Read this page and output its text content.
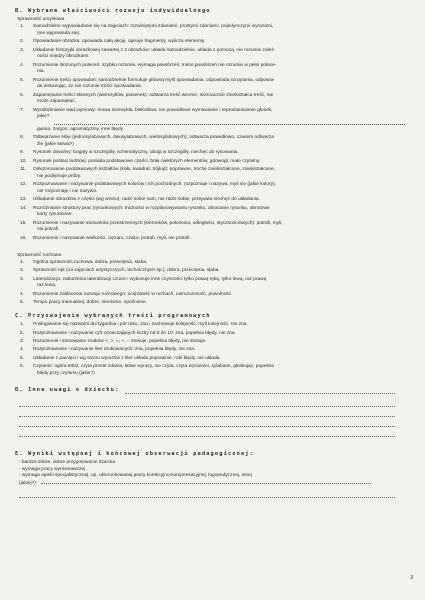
B. Wybrane właściwości rozwoju indywidualnego
Sprawność umysłowa
1.	Samodzielne wypowiadanie się na zajęciach: rozwiniętymi zdaniami, prostymi zdaniami, pojedynczymi wyrazami,
(nie wypowiada się).
2.	Opowiadanie obrazka: opowiada całą akcję, opisuje fragmenty, wylicza elementy.
3.	Układanie historyjki obrazkowej zawartej z 3 obrazków: układa samodzielnie, układa z pomocą, nie rozumie zależ-
ności między obrazkami.
4.	Rozumienie złożonych poleceń: szybko rozumie, wymaga powtórzeń, mimo powtórzeń nie rozumie w pełni polece-
nia.
5.	Rozumienie treści opowiadań: samodzielnie formułuje główną myśl opowiadania, odpowiada na pytania, odpowia-
da wskazując, że nie rozumie treści opowiadania.
6.	Zapamiętanie treści słownych (wierszyków, piosenek): odtwarza treść wiernie, nieznacznie zniekształca treść, nie
może zapamiętać.
7.	Wyodrębnianie wad wymowy: mowa niezwykła, bełkotliwa, nie prawidłowe wymawianie i reprodukowanie głosek,
jakie?
gwara, żargon, agramatyzmy, inne błędy
8.	Odtwarzanie słów (jednosylabowych, dwusylabowych, wielosylabowych): odtwarza prawidłowo, czasem odtwarza
źle (jakie słowa?)
9.	Rysunek dowolny: bogaty w szczegóły, schematyczny, ubogi w szczegóły, niechęć do rysowania.
10.	Rysunek postaci ludzkiej: posiada podstawowe części, brak niektórych elementów, gdowogł, mało czytelny.
11.	Odwzorowanie podstawowych kształtów (koło, kwadrat, trójkąt): poprawne, trochę zniekształcone, zniekształcone,
nie podejmuje próby.
12.	Rozpoznawanie i nazywanie podstawowych kolorów i ich pochodnych: rozpoznaje i nazywa, myli się (jakie kolory),
nie rozpoznaje i nie nazywa.
13.	Układanie obrazków z części (wg wzoru): radzi sobie sam, nie radzi sobie, przejawia niechęć do układania.
14.	Rozróżnianie struktury prac (rysunkowych: trudności w rozplanowywaniu rysunku, obracanie rysunku, obrotowe
karty rysunkowe.
15.	Rozumienie i nazywanie stosunków przestrzennych (kierunków, położenia, odległości, stycznościowych): potrafi, myli,
nie potrafi.
16.	Rozumienie i nazywanie wielkości, ciężaru, czasu: potrafi, myli, nie potrafi.
Sprawność ruchowa
1.	Ogólna sprawność ruchowa: dobra, przeciętna, słaba.
2.	Sprawność rąk (na zajęciach artystycznych, technicznych itp.): dobra, przeciętna, słaba.
3.	Lateralizacja: zaburzenia lateralizacji czucie i wykonuje inne czynności tylko prawą ręką, tylko lewą, raz prawą
raz lewą.
4.	Rozumienie zakłócenia rozwoju ruchowego: ociężałość w ruchach, nierozumność, powolność.
5.	Tempo pracy manualnej: dobre, nierówne, opóźnione.
C. Przyswojenie wybranych treści programowych
1.	Posługiwanie się nazwami dni tygodnia i pór roku: zna i zachowuje kolejność, myli kolejność, nie zna.
2.	Rozpoznawanie i nazywanie cyfr oznaczających liczby od 0 do 10: zna, popełnia błędy, nie zna.
3.	Rozumienie i stosowanie znaków <, >, =, +, -: stosuje, popełnia błędy, nie stosuje.
4.	Rozpoznawanie i nazywanie liter drukowanych: zna, popełnia błędy, nie zna.
5.	Układanie z pamięci i wg wzoru wyrazów z liter układa poprawnie, robi błędy, nie układa.
6.	Czytanie: ogóra tekst, czyta proste zdania, łatwe wyrazy, nie czyta, czyta wyrazami, sylabami, głoskując, popełnia
błędy przy czytaniu (jakie?)
D. Inne uwagi o dziecku:
E. Wyniki wstępnej i końcowej obserwacji pedagogicznej:
- bardzo dobre, dobre przygotowanie dziecka
- wymaga pracy wyrównawczej
- wymaga opieki specjalistycznej, np. ukierunkowanej pracy korekcyjno-kompensacyjnej, logopedycznej, innej
(jakiej?)
3
